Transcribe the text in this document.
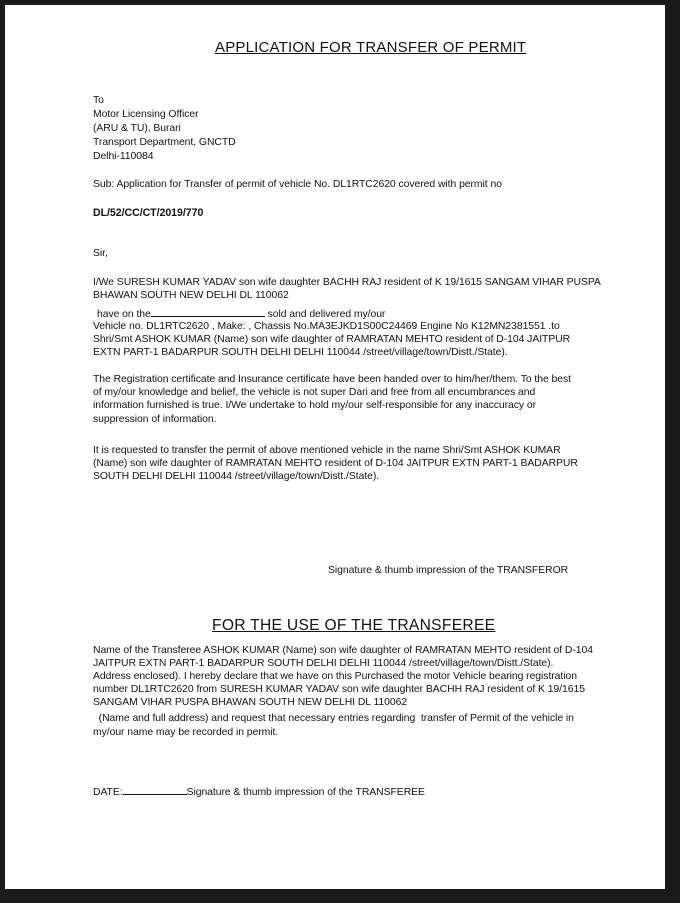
APPLICATION FOR TRANSFER OF PERMIT
To
Motor Licensing Officer
(ARU & TU), Burari
Transport Department, GNCTD
Delhi-110084
Sub: Application for Transfer of permit of vehicle No. DL1RTC2620 covered with permit no
DL/52/CC/CT/2019/770
Sir,
I/We SURESH KUMAR YADAV son wife daughter BACHH RAJ resident of K 19/1615 SANGAM VIHAR PUSPA
BHAWAN SOUTH NEW DELHI DL 110062
have on the	sold and delivered my/our
Vehicle no. DL1RTC2620 , Make: , Chassis No.MA3EJKD1S00C24469 Engine No K12MN2381551 .to
Shri/Smt ASHOK KUMAR (Name) son wife daughter of RAMRATAN MEHTO resident of D-104 JAITPUR
EXTN PART-1 BADARPUR SOUTH DELHI DELHI 110044 /street/village/town/Distt./State).
The Registration certificate and Insurance certificate have been handed over to him/her/them. To the best
of my/our knowledge and belief, the vehicle is not super Dari and free from all encumbrances and
information furnished is true. I/We undertake to hold my/our self-responsible for any inaccuracy or
suppression of information.
It is requested to transfer the permit of above mentioned vehicle in the name Shri/Smt ASHOK KUMAR
(Name) son wife daughter of RAMRATAN MEHTO resident of D-104 JAITPUR EXTN PART-1 BADARPUR
SOUTH DELHI DELHI 110044 /street/village/town/Distt./State).
Signature & thumb impression of the TRANSFEROR
FOR THE USE OF THE TRANSFEREE
Name of the Transferee ASHOK KUMAR (Name) son wife daughter of RAMRATAN MEHTO resident of D-104
JAITPUR EXTN PART-1 BADARPUR SOUTH DELHI DELHI 110044 /street/village/town/Distt./State).
Address enclosed). I hereby declare that we have on this Purchased the motor Vehicle bearing registration
number DL1RTC2620 from SURESH KUMAR YADAV son wife daughter BACHH RAJ resident of K 19/1615
SANGAM VIHAR PUSPA BHAWAN SOUTH NEW DELHI DL 110062
(Name and full address) and request that necessary entries regarding  transfer of Permit of the vehicle in
my/our name may be recorded in permit.
DATE:	Signature & thumb impression of the TRANSFEREE
